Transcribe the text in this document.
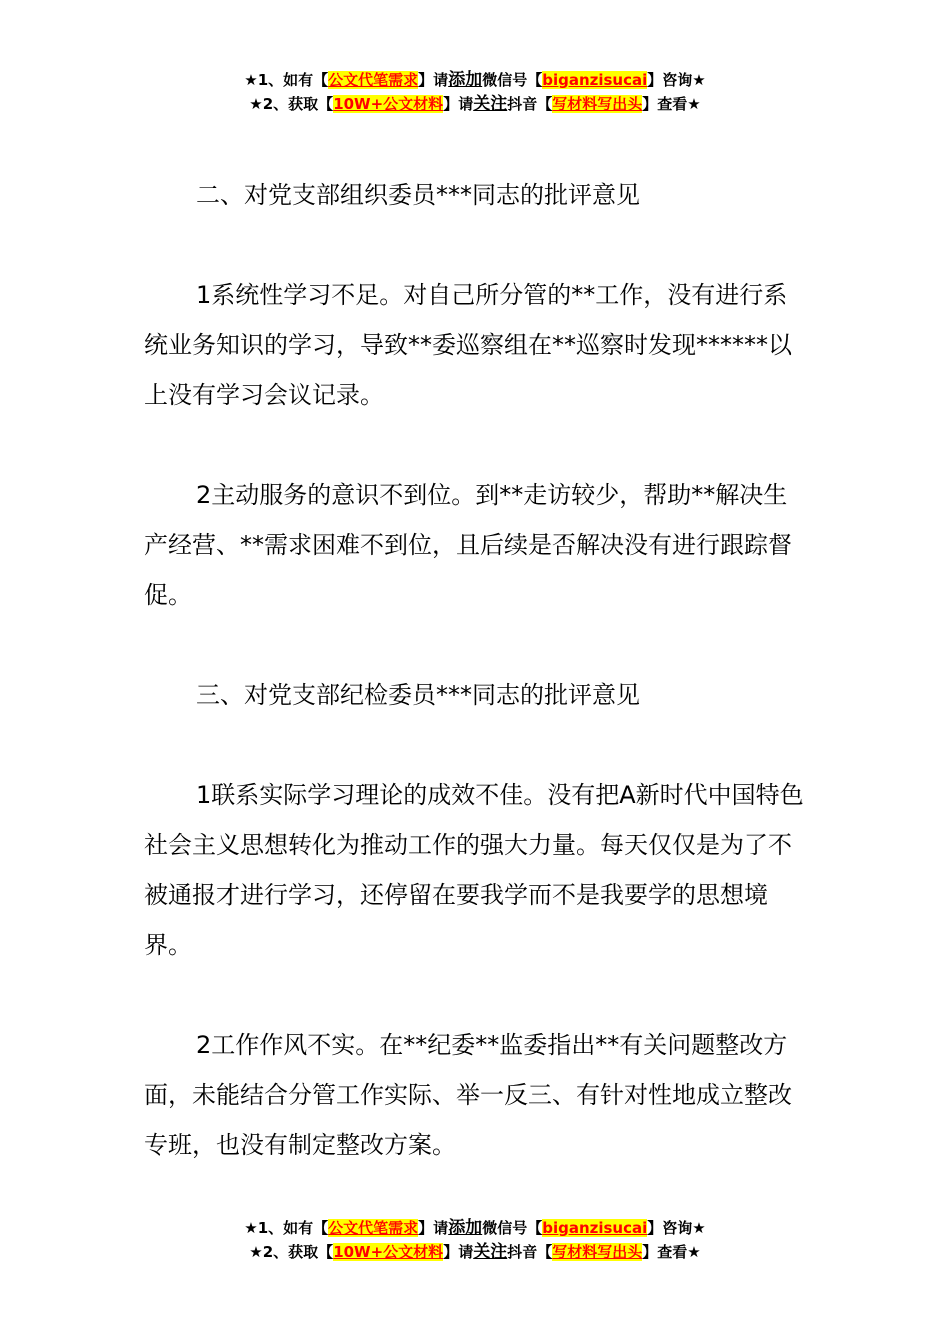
★1、如有【公文代笔需求】请添加微信号【biganzisucai】咨询★
★2、获取【10W+公文材料】请关注抖音【写材料写出头】查看★

二、对党支部组织委员***同志的批评意见

1系统性学习不足。对自己所分管的**工作，没有进行系统业务知识的学习，导致**委巡察组在**巡察时发现******以上没有学习会议记录。

2主动服务的意识不到位。到**走访较少，帮助**解决生产经营、**需求困难不到位，且后续是否解决没有进行跟踪督促。

三、对党支部纪检委员***同志的批评意见

1联系实际学习理论的成效不佳。没有把A新时代中国特色社会主义思想转化为推动工作的强大力量。每天仅仅是为了不被通报才进行学习，还停留在要我学而不是我要学的思想境界。

2工作作风不实。在**纪委**监委指出**有关问题整改方面，未能结合分管工作实际、举一反三、有针对性地成立整改专班，也没有制定整改方案。

★1、如有【公文代笔需求】请添加微信号【biganzisucai】咨询★
★2、获取【10W+公文材料】请关注抖音【写材料写出头】查看★
